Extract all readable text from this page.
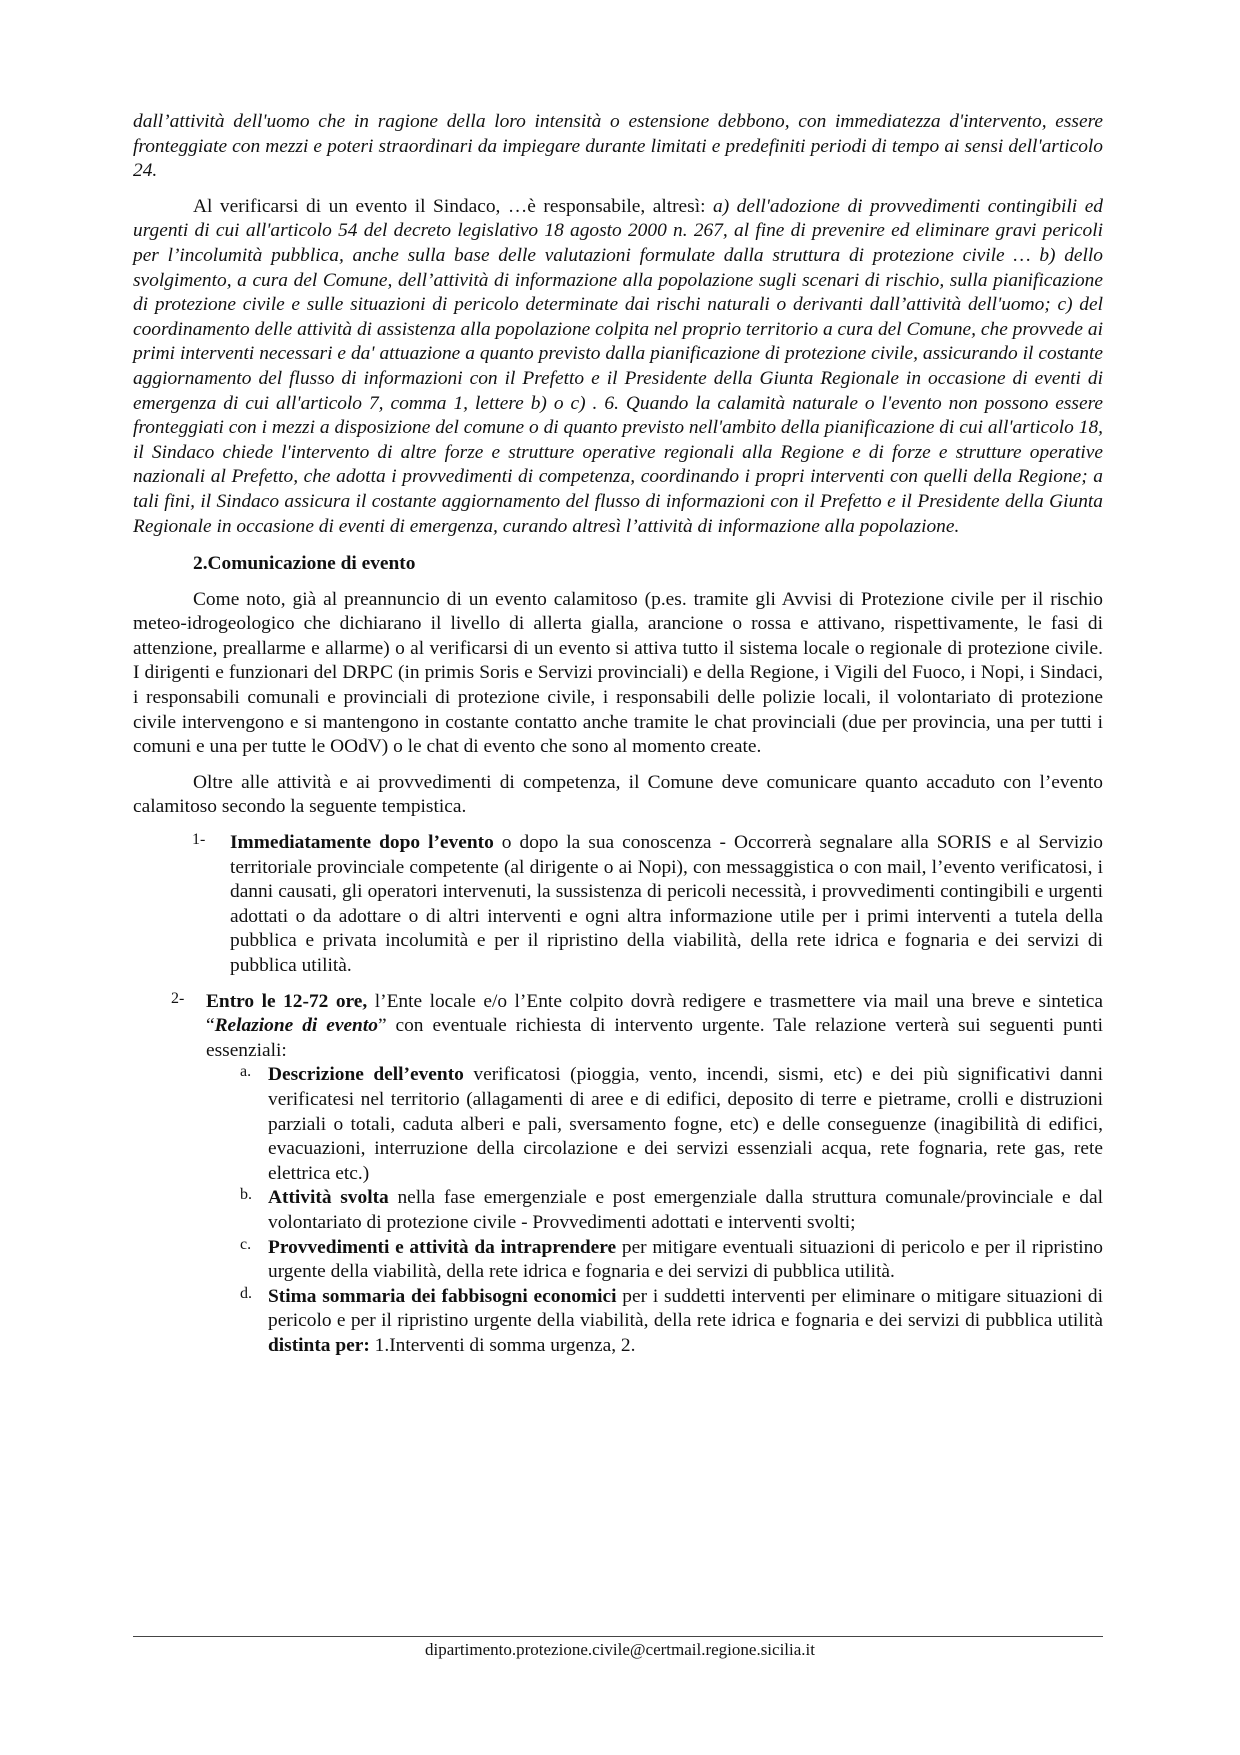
dall’attività dell'uomo che in ragione della loro intensità o estensione debbono, con immediatezza d'intervento, essere fronteggiate con mezzi e poteri straordinari da impiegare durante limitati e predefiniti periodi di tempo ai sensi dell'articolo 24.

Al verificarsi di un evento il Sindaco, …è responsabile, altresì: a) dell'adozione di provvedimenti contingibili ed urgenti di cui all'articolo 54 del decreto legislativo 18 agosto 2000 n. 267, al fine di prevenire ed eliminare gravi pericoli per l’incolumità pubblica, anche sulla base delle valutazioni formulate dalla struttura di protezione civile … b) dello svolgimento, a cura del Comune, dell’attività di informazione alla popolazione sugli scenari di rischio, sulla pianificazione di protezione civile e sulle situazioni di pericolo determinate dai rischi naturali o derivanti dall’attività dell'uomo; c) del coordinamento delle attività di assistenza alla popolazione colpita nel proprio territorio a cura del Comune, che provvede ai primi interventi necessari e da' attuazione a quanto previsto dalla pianificazione di protezione civile, assicurando il costante aggiornamento del flusso di informazioni con il Prefetto e il Presidente della Giunta Regionale in occasione di eventi di emergenza di cui all'articolo 7, comma 1, lettere b) o c) . 6. Quando la calamità naturale o l'evento non possono essere fronteggiati con i mezzi a disposizione del comune o di quanto previsto nell'ambito della pianificazione di cui all'articolo 18, il Sindaco chiede l'intervento di altre forze e strutture operative regionali alla Regione e di forze e strutture operative nazionali al Prefetto, che adotta i provvedimenti di competenza, coordinando i propri interventi con quelli della Regione; a tali fini, il Sindaco assicura il costante aggiornamento del flusso di informazioni con il Prefetto e il Presidente della Giunta Regionale in occasione di eventi di emergenza, curando altresì l’attività di informazione alla popolazione.

2.Comunicazione di evento

Come noto, già al preannuncio di un evento calamitoso (p.es. tramite gli Avvisi di Protezione civile per il rischio meteo-idrogeologico che dichiarano il livello di allerta gialla, arancione o rossa e attivano, rispettivamente, le fasi di attenzione, preallarme e allarme) o al verificarsi di un evento si attiva tutto il sistema locale o regionale di protezione civile. I dirigenti e funzionari del DRPC (in primis Soris e Servizi provinciali) e della Regione, i Vigili del Fuoco, i Nopi, i Sindaci, i responsabili comunali e provinciali di protezione civile, i responsabili delle polizie locali, il volontariato di protezione civile intervengono e si mantengono in costante contatto anche tramite le chat provinciali (due per provincia, una per tutti i comuni e una per tutte le OOdV) o le chat di evento che sono al momento create.

Oltre alle attività e ai provvedimenti di competenza, il Comune deve comunicare quanto accaduto con l’evento calamitoso secondo la seguente tempistica.

1- Immediatamente dopo l’evento o dopo la sua conoscenza - Occorrerà segnalare alla SORIS e al Servizio territoriale provinciale competente (al dirigente o ai Nopi), con messaggistica o con mail, l’evento verificatosi, i danni causati, gli operatori intervenuti, la sussistenza di pericoli necessità, i provvedimenti contingibili e urgenti adottati o da adottare o di altri interventi e ogni altra informazione utile per i primi interventi a tutela della pubblica e privata incolumità e per il ripristino della viabilità, della rete idrica e fognaria e dei servizi di pubblica utilità.

2- Entro le 12-72 ore, l’Ente locale e/o l’Ente colpito dovrà redigere e trasmettere via mail una breve e sintetica “Relazione di evento” con eventuale richiesta di intervento urgente. Tale relazione verterà sui seguenti punti essenziali:

a. Descrizione dell’evento verificatosi (pioggia, vento, incendi, sismi, etc) e dei più significativi danni verificatesi nel territorio (allagamenti di aree e di edifici, deposito di terre e pietrame, crolli e distruzioni parziali o totali, caduta alberi e pali, sversamento fogne, etc) e delle conseguenze (inagibilità di edifici, evacuazioni, interruzione della circolazione e dei servizi essenziali acqua, rete fognaria, rete gas, rete elettrica etc.)

b. Attività svolta nella fase emergenziale e post emergenziale dalla struttura comunale/provinciale e dal volontariato di protezione civile - Provvedimenti adottati e interventi svolti;

c. Provvedimenti e attività da intraprendere per mitigare eventuali situazioni di pericolo e per il ripristino urgente della viabilità, della rete idrica e fognaria e dei servizi di pubblica utilità.

d. Stima sommaria dei fabbisogni economici per i suddetti interventi per eliminare o mitigare situazioni di pericolo e per il ripristino urgente della viabilità, della rete idrica e fognaria e dei servizi di pubblica utilità distinta per: 1.Interventi di somma urgenza, 2.

dipartimento.protezione.civile@certmail.regione.sicilia.it
